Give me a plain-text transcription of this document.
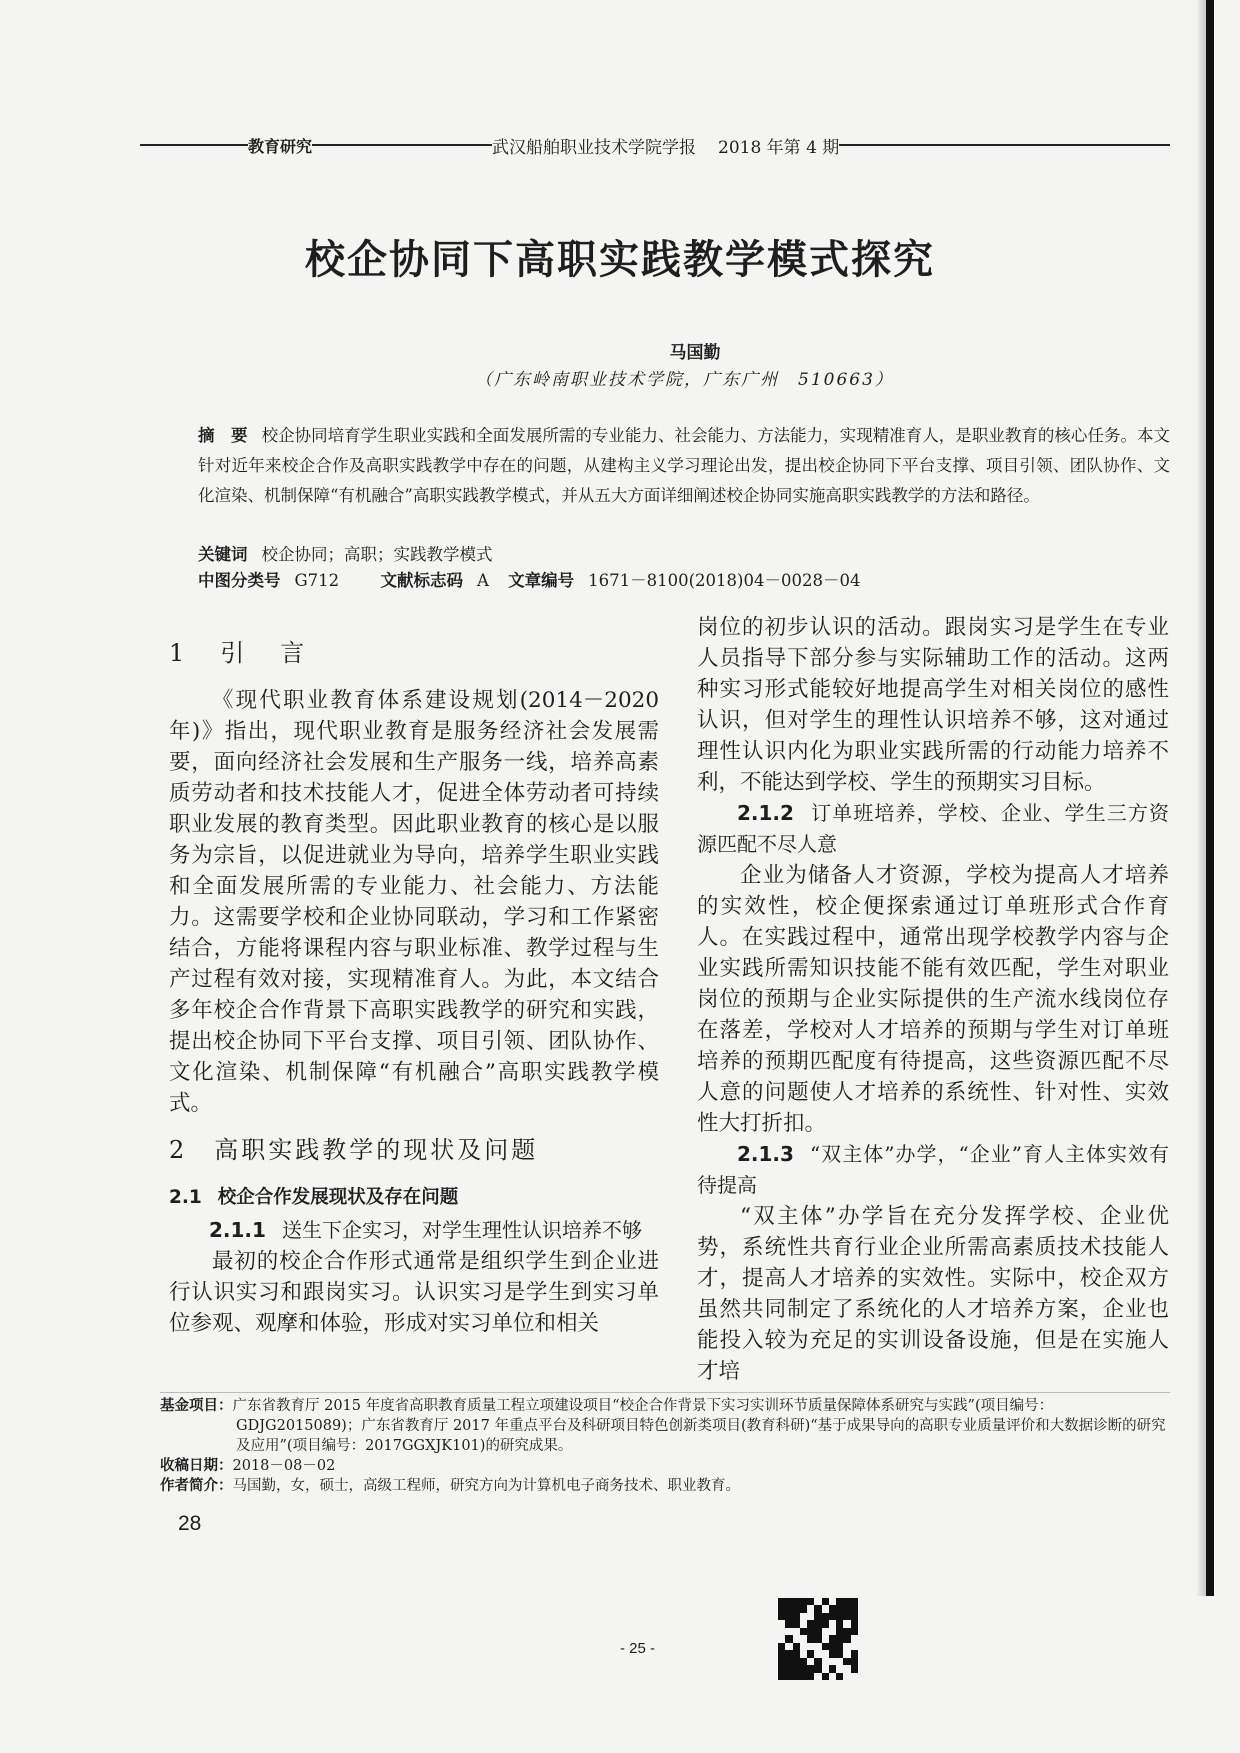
教育研究	武汉船舶职业技术学院学报 2018 年第 4 期
校企协同下高职实践教学模式探究
马国勤
（广东岭南职业技术学院，广东广州　510663）
摘　要 校企协同培育学生职业实践和全面发展所需的专业能力、社会能力、方法能力，实现精准育人，是职业教育的核心任务。本文针对近年来校企合作及高职实践教学中存在的问题，从建构主义学习理论出发，提出校企协同下平台支撑、项目引领、团队协作、文化渲染、机制保障“有机融合”高职实践教学模式，并从五大方面详细阐述校企协同实施高职实践教学的方法和路径。
关键词 校企协同；高职；实践教学模式
中图分类号 G712	文献标志码 A 文章编号 1671－8100(2018)04－0028－04
1　引　言

《现代职业教育体系建设规划(2014－2020年)》指出，现代职业教育是服务经济社会发展需要，面向经济社会发展和生产服务一线，培养高素质劳动者和技术技能人才，促进全体劳动者可持续职业发展的教育类型。因此职业教育的核心是以服务为宗旨，以促进就业为导向，培养学生职业实践和全面发展所需的专业能力、社会能力、方法能力。这需要学校和企业协同联动，学习和工作紧密结合，方能将课程内容与职业标准、教学过程与生产过程有效对接，实现精准育人。为此，本文结合多年校企合作背景下高职实践教学的研究和实践，提出校企协同下平台支撑、项目引领、团队协作、文化渲染、机制保障“有机融合”高职实践教学模式。

2　高职实践教学的现状及问题
2.1 校企合作发展现状及存在问题

2.1.1 送生下企实习，对学生理性认识培养不够

最初的校企合作形式通常是组织学生到企业进行认识实习和跟岗实习。认识实习是学生到实习单位参观、观摩和体验，形成对实习单位和相关

岗位的初步认识的活动。跟岗实习是学生在专业人员指导下部分参与实际辅助工作的活动。这两种实习形式能较好地提高学生对相关岗位的感性认识，但对学生的理性认识培养不够，这对通过理性认识内化为职业实践所需的行动能力培养不利，不能达到学校、学生的预期实习目标。

2.1.2 订单班培养，学校、企业、学生三方资源匹配不尽人意

企业为储备人才资源，学校为提高人才培养的实效性，校企便探索通过订单班形式合作育人。在实践过程中，通常出现学校教学内容与企业实践所需知识技能不能有效匹配，学生对职业岗位的预期与企业实际提供的生产流水线岗位存在落差，学校对人才培养的预期与学生对订单班培养的预期匹配度有待提高，这些资源匹配不尽人意的问题使人才培养的系统性、针对性、实效性大打折扣。

2.1.3 “双主体”办学，“企业”育人主体实效有待提高

“双主体”办学旨在充分发挥学校、企业优势，系统性共育行业企业所需高素质技术技能人才，提高人才培养的实效性。实际中，校企双方虽然共同制定了系统化的人才培养方案，企业也能投入较为充足的实训设备设施，但是在实施人才培

基金项目：广东省教育厅 2015 年度省高职教育质量工程立项建设项目“校企合作背景下实习实训环节质量保障体系研究与实践”(项目编号：GDJG2015089)；广东省教育厅 2017 年重点平台及科研项目特色创新类项目(教育科研)“基于成果导向的高职专业质量评价和大数据诊断的研究及应用”(项目编号：2017GGXJK101)的研究成果。
收稿日期：2018－08－02
作者简介：马国勤，女，硕士，高级工程师，研究方向为计算机电子商务技术、职业教育。
28
- 25 -
